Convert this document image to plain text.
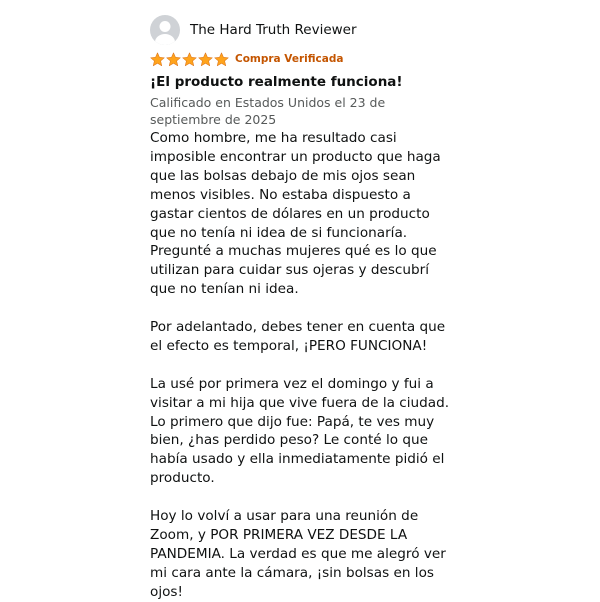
The Hard Truth Reviewer
Compra Verificada
¡El producto realmente funciona!
Calificado en Estados Unidos el 23 de septiembre de 2025

Como hombre, me ha resultado casi imposible encontrar un producto que haga que las bolsas debajo de mis ojos sean menos visibles. No estaba dispuesto a gastar cientos de dólares en un producto que no tenía ni idea de si funcionaría. Pregunté a muchas mujeres qué es lo que utilizan para cuidar sus ojeras y descubrí que no tenían ni idea.

Por adelantado, debes tener en cuenta que el efecto es temporal, ¡PERO FUNCIONA!

La usé por primera vez el domingo y fui a visitar a mi hija que vive fuera de la ciudad. Lo primero que dijo fue: Papá, te ves muy bien, ¿has perdido peso? Le conté lo que había usado y ella inmediatamente pidió el producto.

Hoy lo volví a usar para una reunión de Zoom, y POR PRIMERA VEZ DESDE LA PANDEMIA. La verdad es que me alegró ver mi cara ante la cámara, ¡sin bolsas en los ojos!
